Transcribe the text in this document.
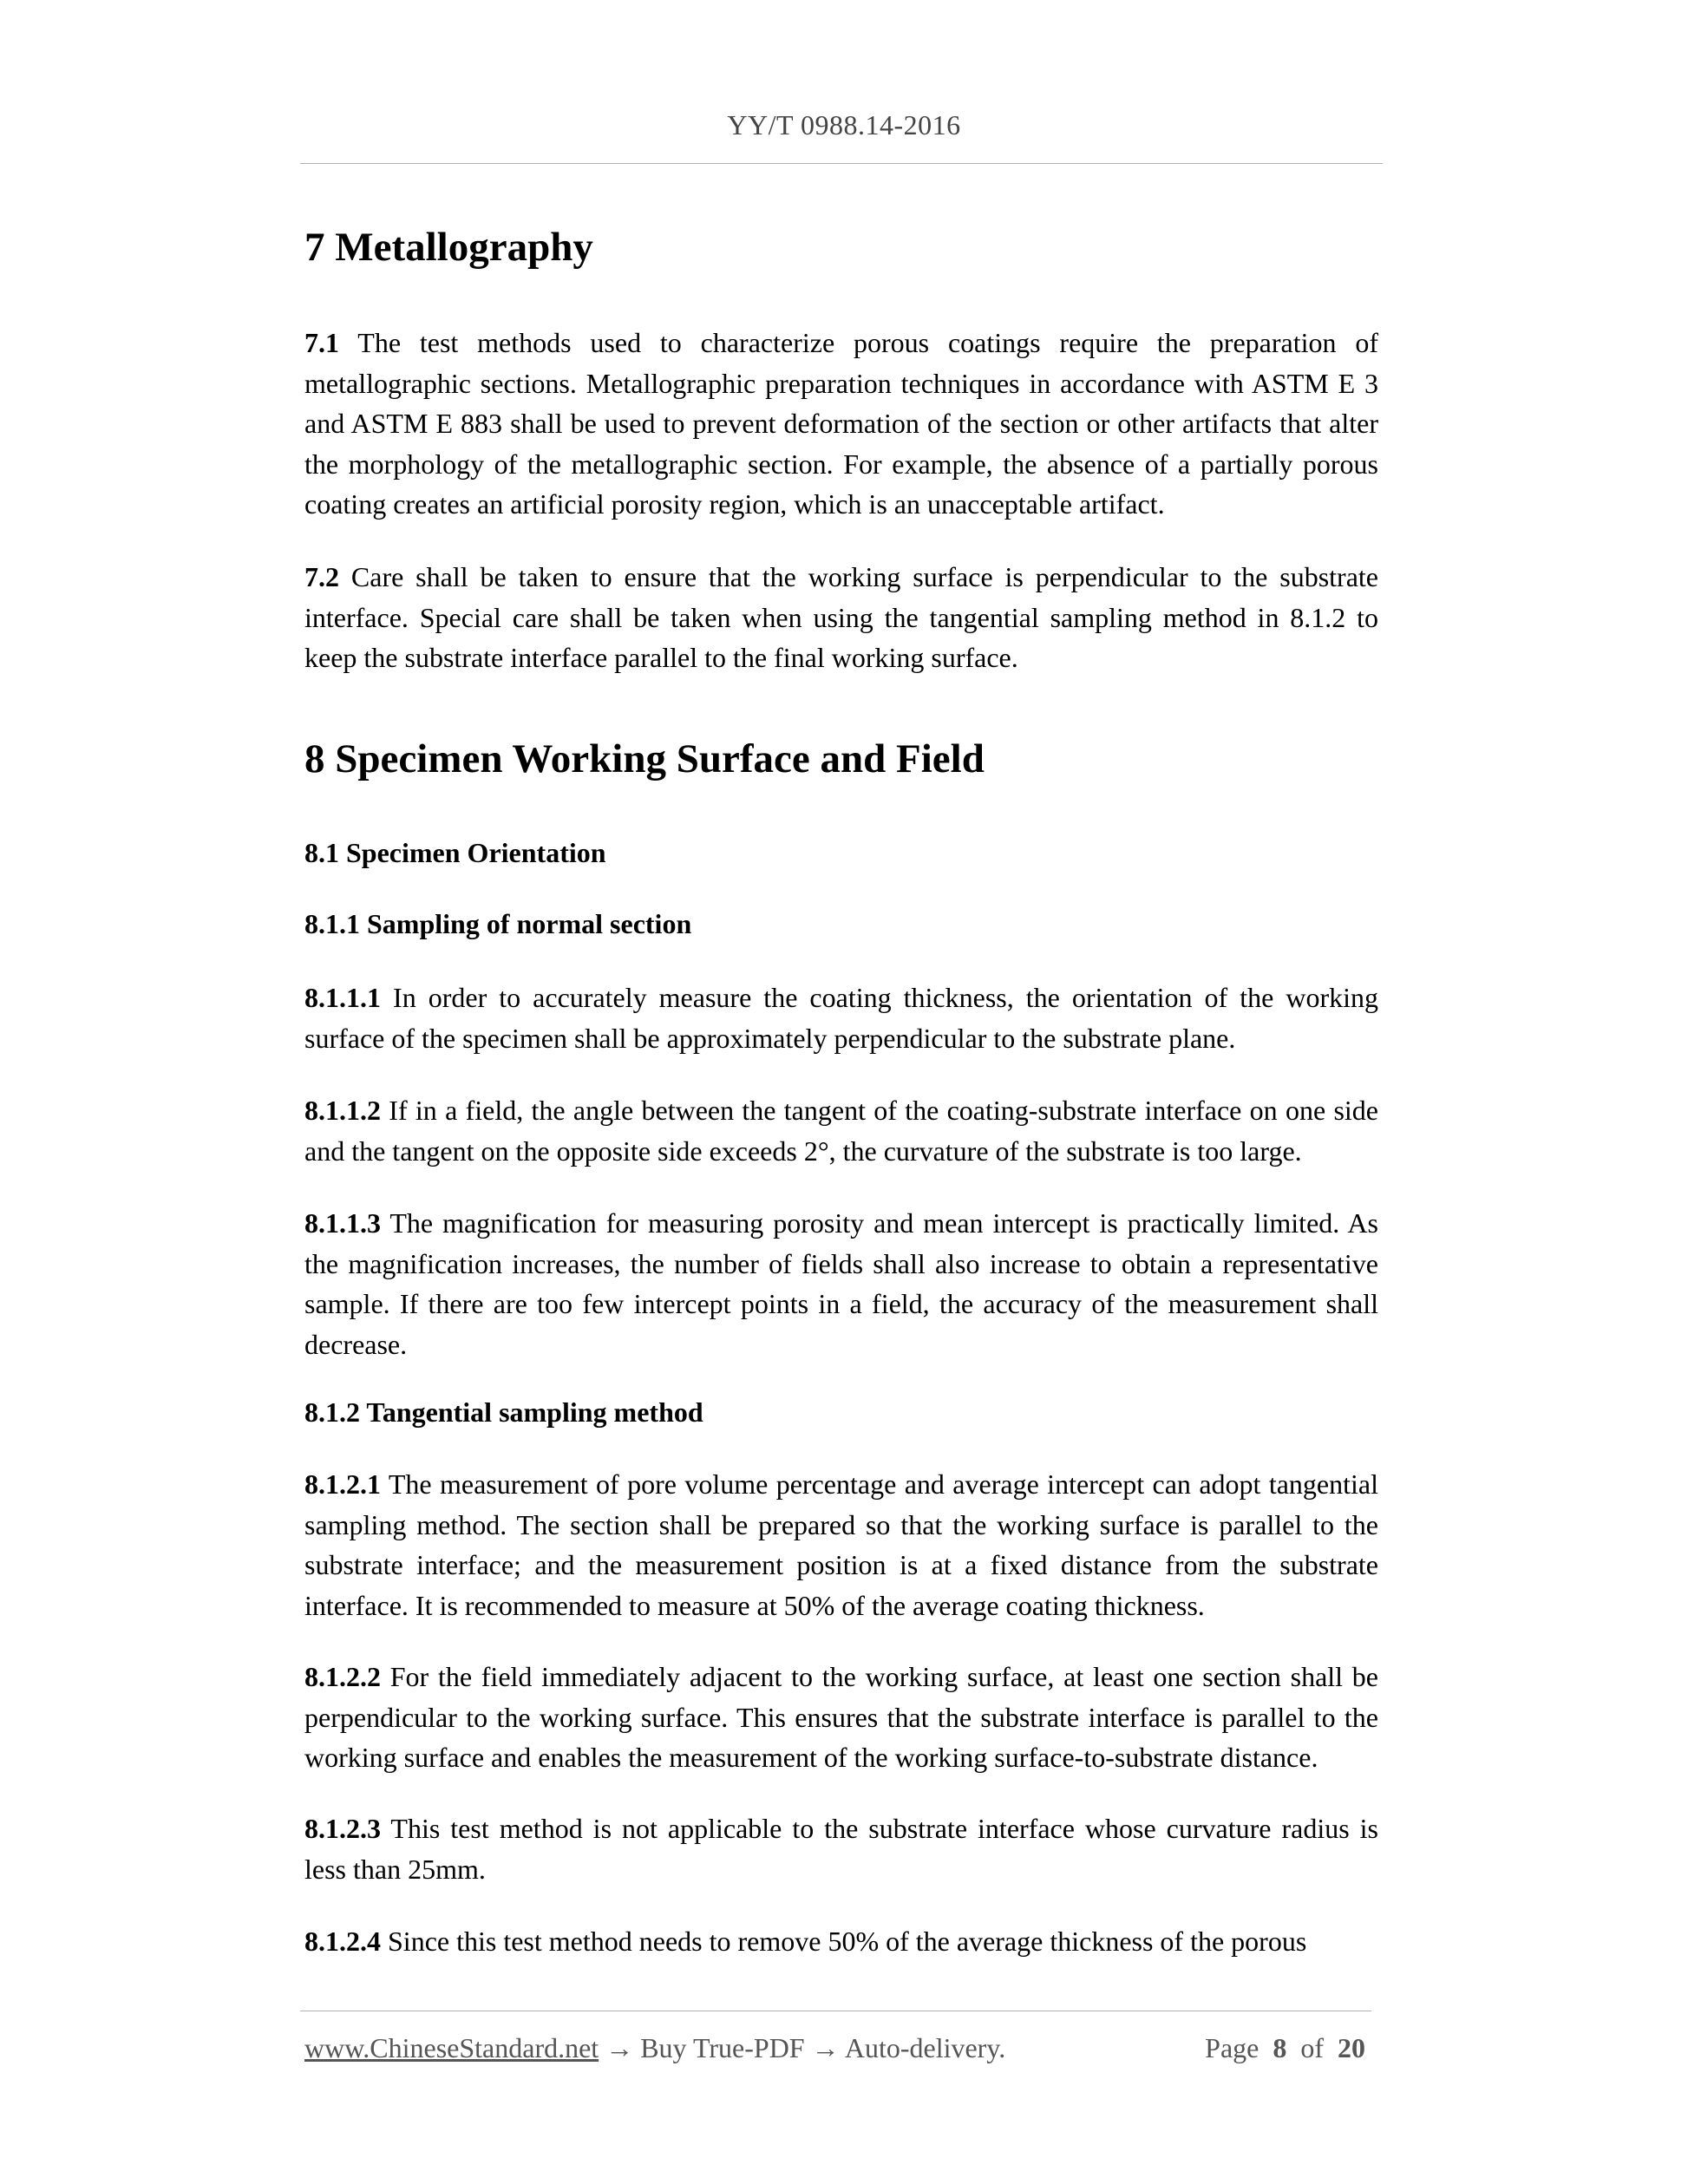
YY/T 0988.14-2016
7 Metallography

7.1 The test methods used to characterize porous coatings require the preparation of metallographic sections. Metallographic preparation techniques in accordance with ASTM E 3 and ASTM E 883 shall be used to prevent deformation of the section or other artifacts that alter the morphology of the metallographic section. For example, the absence of a partially porous coating creates an artificial porosity region, which is an unacceptable artifact.

7.2 Care shall be taken to ensure that the working surface is perpendicular to the substrate interface. Special care shall be taken when using the tangential sampling method in 8.1.2 to keep the substrate interface parallel to the final working surface.

8 Specimen Working Surface and Field
8.1 Specimen Orientation
8.1.1 Sampling of normal section

8.1.1.1 In order to accurately measure the coating thickness, the orientation of the working surface of the specimen shall be approximately perpendicular to the substrate plane.

8.1.1.2 If in a field, the angle between the tangent of the coating-substrate interface on one side and the tangent on the opposite side exceeds 2°, the curvature of the substrate is too large.

8.1.1.3 The magnification for measuring porosity and mean intercept is practically limited. As the magnification increases, the number of fields shall also increase to obtain a representative sample. If there are too few intercept points in a field, the accuracy of the measurement shall decrease.

8.1.2 Tangential sampling method

8.1.2.1 The measurement of pore volume percentage and average intercept can adopt tangential sampling method. The section shall be prepared so that the working surface is parallel to the substrate interface; and the measurement position is at a fixed distance from the substrate interface. It is recommended to measure at 50% of the average coating thickness.

8.1.2.2 For the field immediately adjacent to the working surface, at least one section shall be perpendicular to the working surface. This ensures that the substrate interface is parallel to the working surface and enables the measurement of the working surface-to-substrate distance.

8.1.2.3 This test method is not applicable to the substrate interface whose curvature radius is less than 25mm.

8.1.2.4 Since this test method needs to remove 50% of the average thickness of the porous

www.ChineseStandard.net → Buy True-PDF → Auto-delivery.	Page 8 of 20
